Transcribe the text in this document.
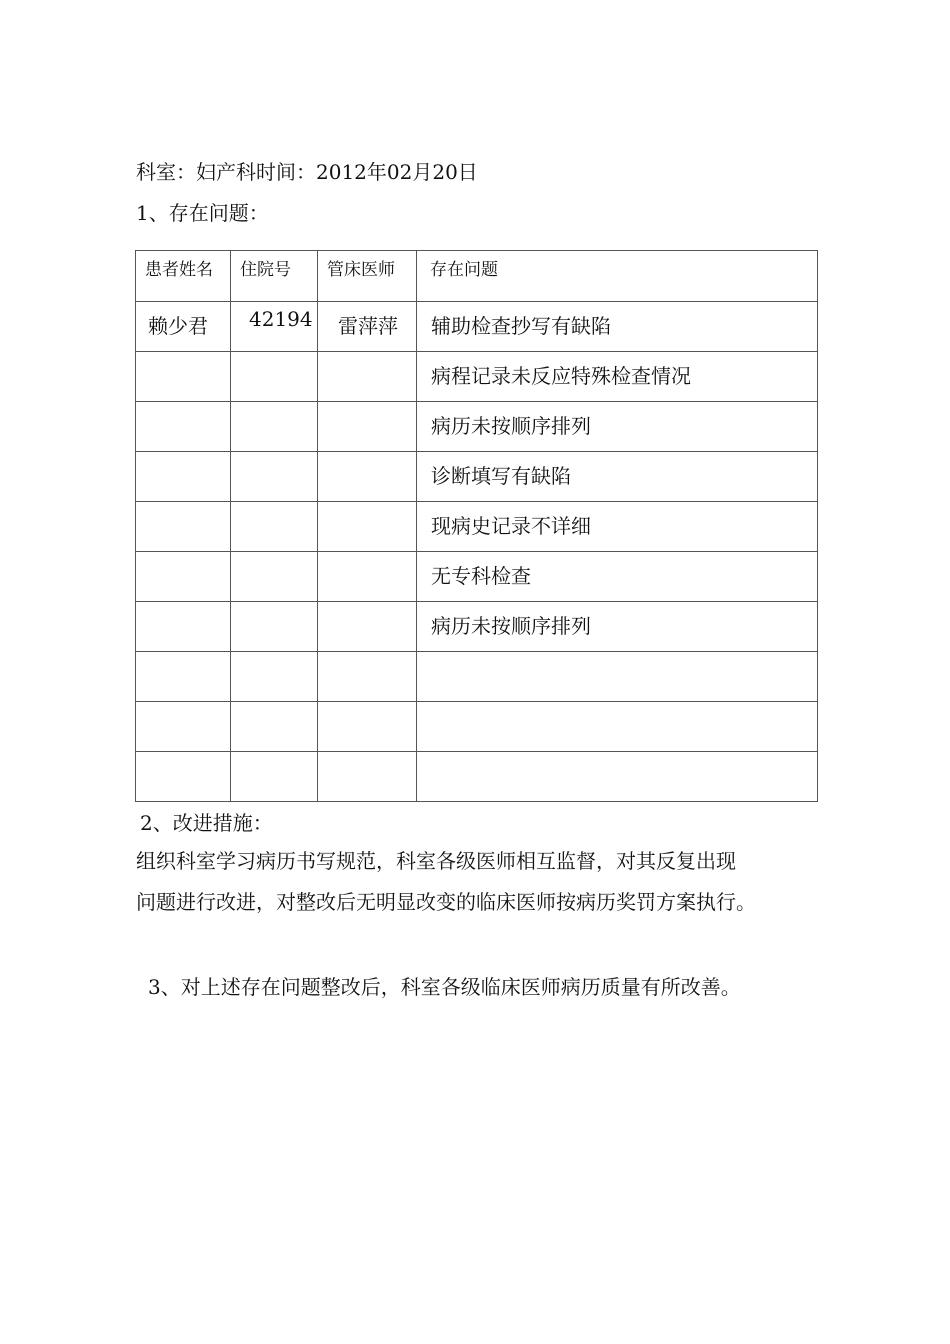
科室：妇产科时间：2012年02月20日
1、存在问题：
患者姓名	住院号	管床医师	存在问题

赖少君	42194	雷萍萍	辅助检查抄写有缺陷

			病程记录未反应特殊检查情况

			病历未按顺序排列

			诊断填写有缺陷

			现病史记录不详细

			无专科检查

			病历未按顺序排列

2、改进措施：
组织科室学习病历书写规范，科室各级医师相互监督，对其反复出现
问题进行改进，对整改后无明显改变的临床医师按病历奖罚方案执行。
3、对上述存在问题整改后，科室各级临床医师病历质量有所改善。
